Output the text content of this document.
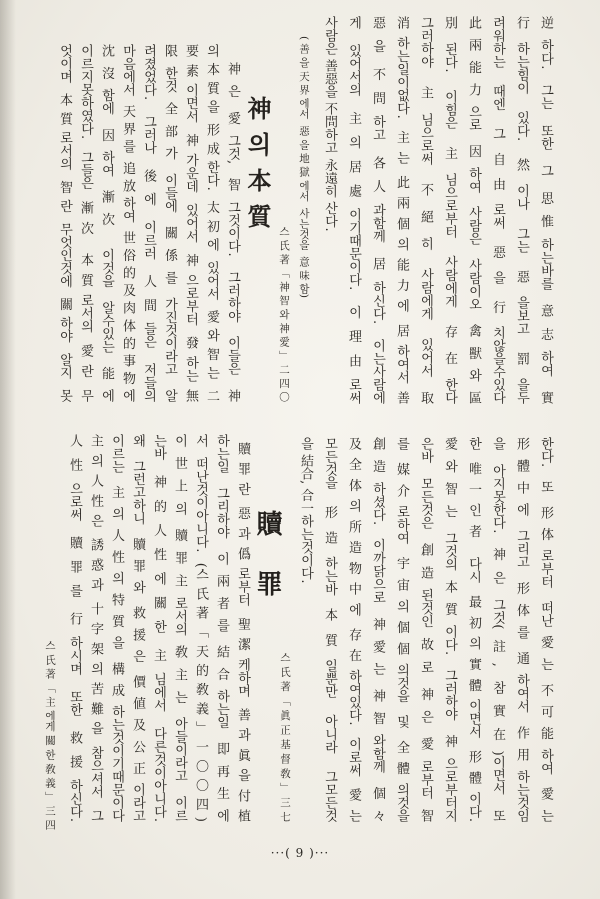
逆하다. 그는 또한 그 思惟하는바를 意志하여 實
行하는힘이 있다. 然이나 그는 惡을보고 罰을두
려워하는 때엔 그自由로써 惡을 行치않을수있다
此兩能力으로 因하여 사람은 사람이오 禽獸와區
別된다. 이힘은 主님으로부터 사람에게 存在한다
그러하야 主님으로써 不絕히 사람에게 있어서取
消하는일이없다. 主는 此兩個의能力에 居하여서善
惡을 不問하고 各人과함께 居하신다. 이는사람에
게 있어서의 主의居處이기때문이다. 이理由로써
사람은 善惡을 不問하고 永遠히 산다.
(善을天界에서 惡을地獄에서 사는것을 意味함)
스氏著「神智와神愛」二四〇
神의本質
神은 愛그것, 智그것이다. 그러하야 이들은 神
의本質을 形成한다. 太初에 있어서 愛와智는 二
要素이면서 神가운데 있어서 神으로부터 發하는無
限한것全部가 이들에 關係를 가진것이라고 알
려졌었다. 그러나 後에 이르러 人間들은 저들의
마음에서 天界를 追放하여 世俗的及肉体的事物에
沈沒함에 因하여 漸次 이것을 알수있는 能에
이르지못하였다. 그들은 漸次 本質로서의 愛란 무
엇이며 本質로서의 智란 무엇인것에 關하야 알지 못
한다. 또 形体로부터 떠난愛는 不可能하여 愛는
形體中에 그리고 形体를 通하여서 作用하는것임
을 아지못한다. 神은 그것(註, 참實在)이면서 또
한 唯一인者 다시 最初의實體이면서 形體이다.
愛와智는 그것의本質이다. 그러하야 神으로부터지
은바 모든것은 創造된것인故로 神은 愛로부터智
를 媒介로하여 宇宙의個個의것을 및 全體의것을
創造하셨다. 이까닭으로 神愛는 神智와함께 個々
及全体의所造物中에 存在하여있다. 이로써 愛는
모든것을 形造하는바本質일뿐만 아니라 그모든것
을 結合, 合一하는것이다.
스氏著「眞正基督敎」三七
贖罪
贖罪란 惡과僞로부터 聖潔케하며 善과眞을付植
하는일 그리하야 이兩者를 結合하는일 即再生에
서 떠난것이아니다. (스氏著「天的敎義」一〇〇四)
이世上의 贖罪主로서의敎主는 아들이라고 이르
는바 神的人性에關한 主님에서 다른것이아니다.
왜 그런고하니 贖罪와 救援은 價値及公正이라고
이르는 主의人性의特質을 構成하는것이기때문이다
主의人性은 誘惑과 十字架의苦難을 참으셔서 그
人性으로써 贖罪를 行하시며 또한 救援하신다.
스氏著「主에게關한敎義」三四
···( 9 )···
